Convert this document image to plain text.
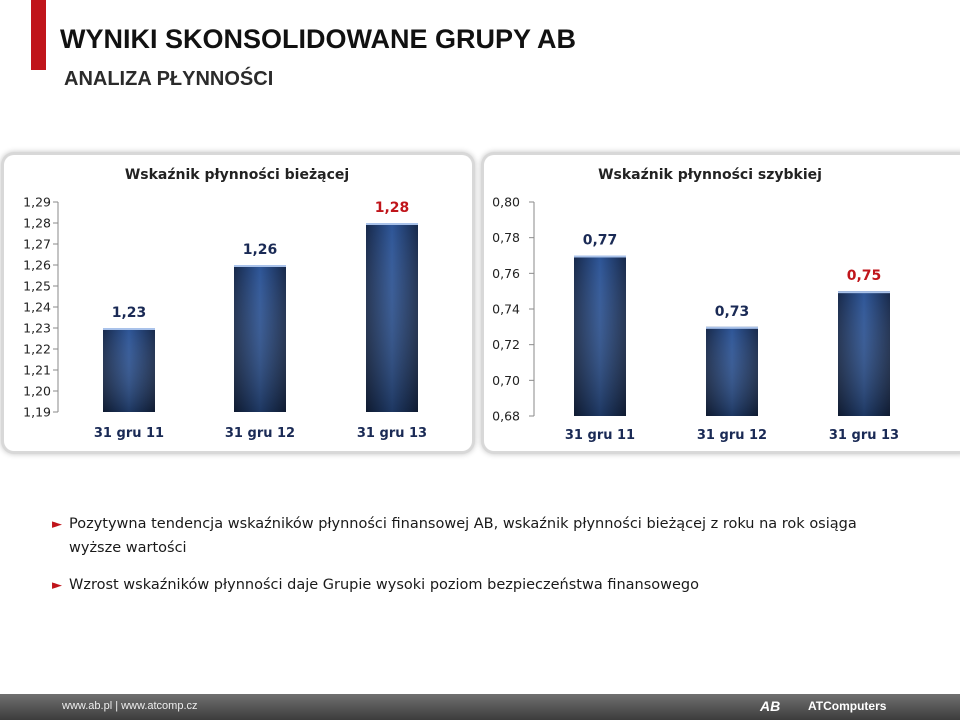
WYNIKI SKONSOLIDOWANE GRUPY AB
ANALIZA PŁYNNOŚCI
Wskaźnik płynności bieżącej
1,19
1,20
1,21
1,22
1,23
1,24
1,25
1,26
1,27
1,28
1,29
1,23
31 gru 11
1,26
31 gru 12
1,28
31 gru 13
Wskaźnik płynności szybkiej
0,68
0,70
0,72
0,74
0,76
0,78
0,80
0,77
31 gru 11
0,73
31 gru 12
0,75
31 gru 13
► Pozytywna tendencja wskaźników płynności finansowej AB, wskaźnik płynności bieżącej z roku na rok osiąga wyższe wartości
► Wzrost wskaźników płynności daje Grupie wysoki poziom bezpieczeństwa finansowego
www.ab.pl | www.atcomp.cz	AB ATComputers
